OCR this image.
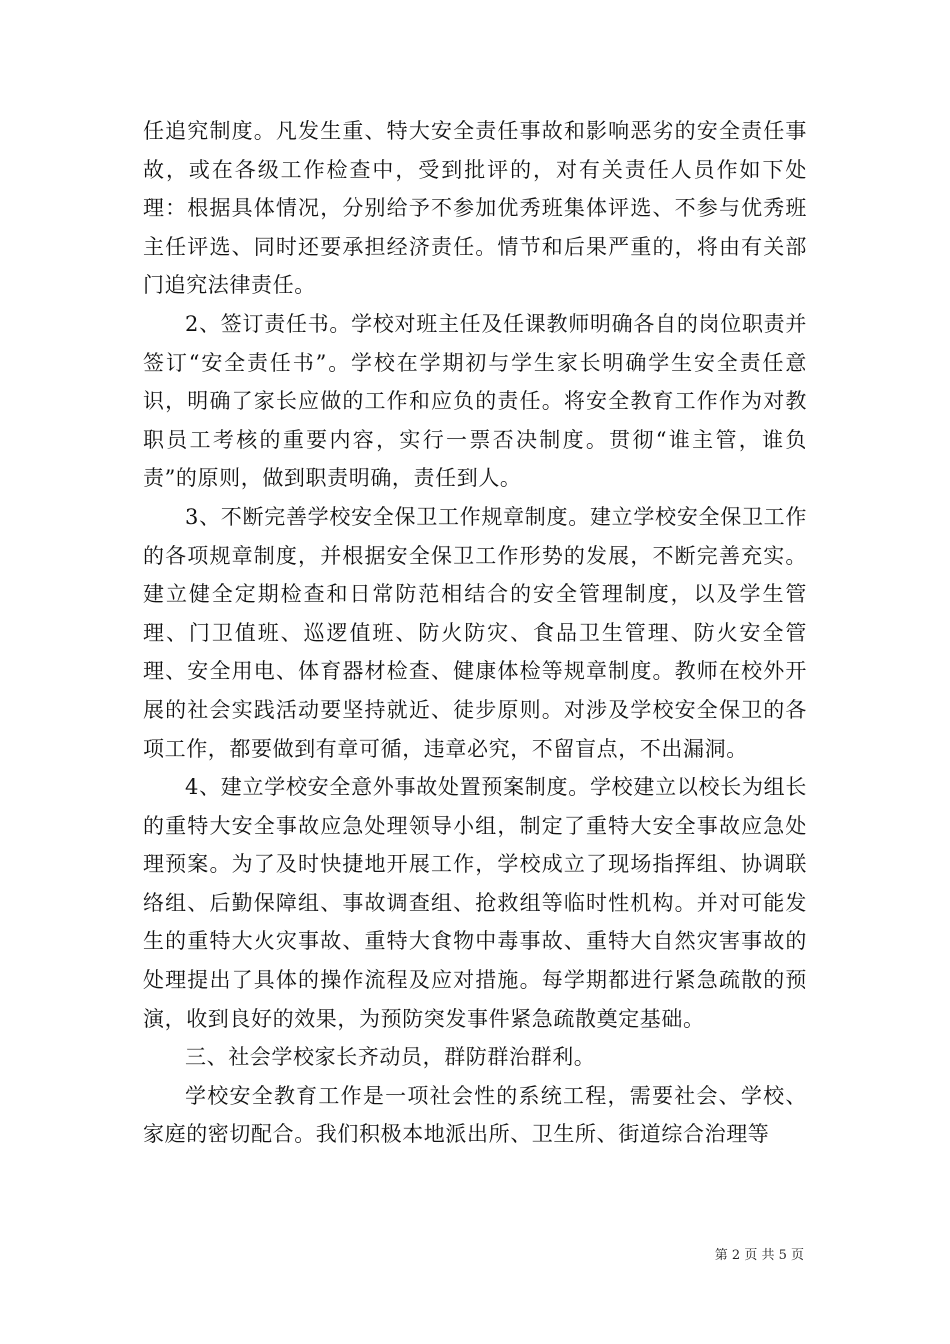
任追究制度。凡发生重、特大安全责任事故和影响恶劣的安全责任事故，或在各级工作检查中，受到批评的，对有关责任人员作如下处理：根据具体情况，分别给予不参加优秀班集体评选、不参与优秀班主任评选、同时还要承担经济责任。情节和后果严重的，将由有关部门追究法律责任。

2、签订责任书。学校对班主任及任课教师明确各自的岗位职责并签订“安全责任书”。学校在学期初与学生家长明确学生安全责任意识，明确了家长应做的工作和应负的责任。将安全教育工作作为对教职员工考核的重要内容，实行一票否决制度。贯彻“谁主管，谁负责”的原则，做到职责明确，责任到人。

3、不断完善学校安全保卫工作规章制度。建立学校安全保卫工作的各项规章制度，并根据安全保卫工作形势的发展，不断完善充实。建立健全定期检查和日常防范相结合的安全管理制度，以及学生管理、门卫值班、巡逻值班、防火防灾、食品卫生管理、防火安全管理、安全用电、体育器材检查、健康体检等规章制度。教师在校外开展的社会实践活动要坚持就近、徒步原则。对涉及学校安全保卫的各项工作，都要做到有章可循，违章必究，不留盲点，不出漏洞。

4、建立学校安全意外事故处置预案制度。学校建立以校长为组长的重特大安全事故应急处理领导小组，制定了重特大安全事故应急处理预案。为了及时快捷地开展工作，学校成立了现场指挥组、协调联络组、后勤保障组、事故调查组、抢救组等临时性机构。并对可能发生的重特大火灾事故、重特大食物中毒事故、重特大自然灾害事故的处理提出了具体的操作流程及应对措施。每学期都进行紧急疏散的预演，收到良好的效果，为预防突发事件紧急疏散奠定基础。

三、社会学校家长齐动员，群防群治群利。

学校安全教育工作是一项社会性的系统工程，需要社会、学校、家庭的密切配合。我们积极本地派出所、卫生所、街道综合治理等

第 2 页 共 5 页
